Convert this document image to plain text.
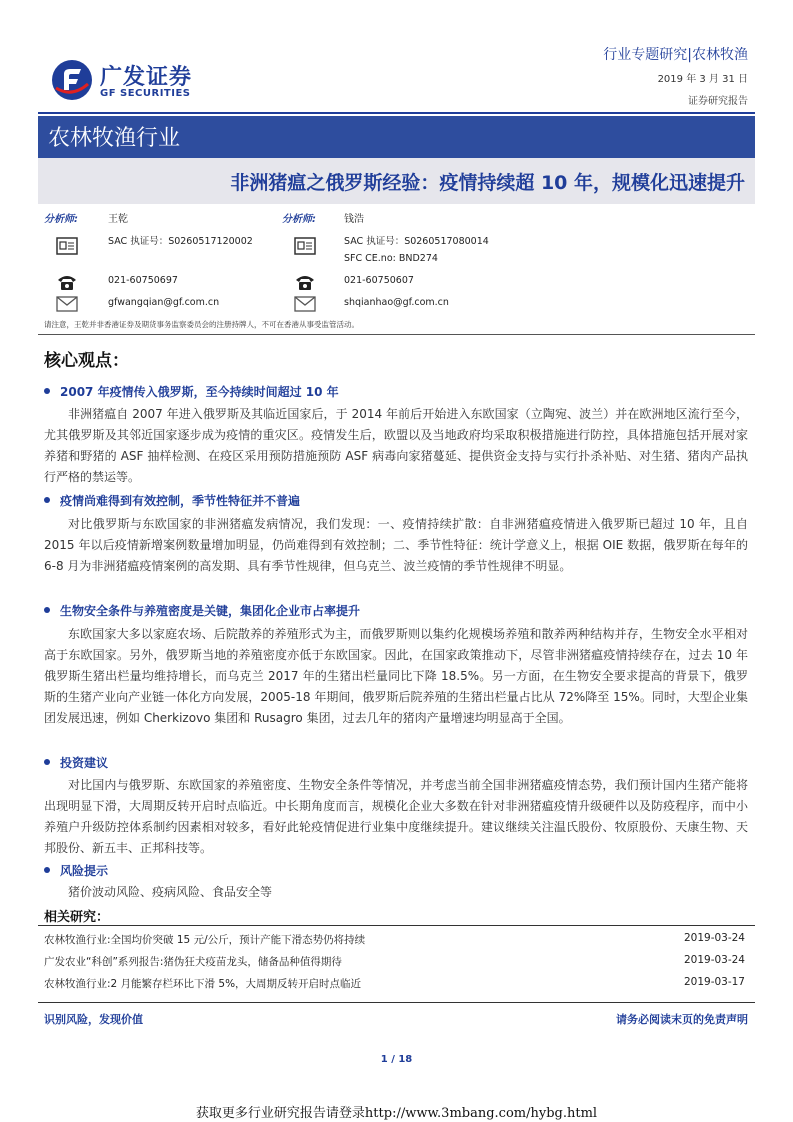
广发证券
GF SECURITIES
行业专题研究|农林牧渔
2019 年 3 月 31 日
证券研究报告
农林牧渔行业
非洲猪瘟之俄罗斯经验：疫情持续超 10 年，规模化迅速提升
分析师:	王乾
SAC 执证号：S0260517120002
021-60750697
gfwangqian@gf.com.cn
分析师:	钱浩
SAC 执证号：S0260517080014
SFC CE.no: BND274
021-60750607
shqianhao@gf.com.cn
请注意，王乾并非香港证券及期货事务监察委员会的注册持牌人，不可在香港从事受监管活动。
核心观点：
2007 年疫情传入俄罗斯，至今持续时间超过 10 年
非洲猪瘟自 2007 年进入俄罗斯及其临近国家后，于 2014 年前后开始进入东欧国家（立陶宛、波兰）并在欧洲地区流行至今，尤其俄罗斯及其邻近国家逐步成为疫情的重灾区。疫情发生后，欧盟以及当地政府均采取积极措施进行防控，具体措施包括开展对家养猪和野猪的 ASF 抽样检测、在疫区采用预防措施预防 ASF 病毒向家猪蔓延、提供资金支持与实行扑杀补贴、对生猪、猪肉产品执行严格的禁运等。
疫情尚难得到有效控制，季节性特征并不普遍
对比俄罗斯与东欧国家的非洲猪瘟发病情况，我们发现：一、疫情持续扩散：自非洲猪瘟疫情进入俄罗斯已超过 10 年，且自 2015 年以后疫情新增案例数量增加明显，仍尚难得到有效控制；二、季节性特征：统计学意义上，根据 OIE 数据，俄罗斯在每年的 6-8 月为非洲猪瘟疫情案例的高发期、具有季节性规律，但乌克兰、波兰疫情的季节性规律不明显。
生物安全条件与养殖密度是关键，集团化企业市占率提升
东欧国家大多以家庭农场、后院散养的养殖形式为主，而俄罗斯则以集约化规模场养殖和散养两种结构并存，生物安全水平相对高于东欧国家。另外，俄罗斯当地的养殖密度亦低于东欧国家。因此，在国家政策推动下，尽管非洲猪瘟疫情持续存在，过去 10 年俄罗斯生猪出栏量均维持增长，而乌克兰 2017 年的生猪出栏量同比下降 18.5%。另一方面，在生物安全要求提高的背景下，俄罗斯的生猪产业向产业链一体化方向发展，2005-18 年期间，俄罗斯后院养殖的生猪出栏量占比从 72%降至 15%。同时，大型企业集团发展迅速，例如 Cherkizovo 集团和 Rusagro 集团，过去几年的猪肉产量增速均明显高于全国。
投资建议
对比国内与俄罗斯、东欧国家的养殖密度、生物安全条件等情况，并考虑当前全国非洲猪瘟疫情态势，我们预计国内生猪产能将出现明显下滑，大周期反转开启时点临近。中长期角度而言，规模化企业大多数在针对非洲猪瘟疫情升级硬件以及防疫程序，而中小养殖户升级防控体系制约因素相对较多，看好此轮疫情促进行业集中度继续提升。建议继续关注温氏股份、牧原股份、天康生物、天邦股份、新五丰、正邦科技等。
风险提示
猪价波动风险、疫病风险、食品安全等
相关研究：
农林牧渔行业:全国均价突破 15 元/公斤，预计产能下滑态势仍将持续	2019-03-24
广发农业“科创”系列报告:猪伪狂犬疫苗龙头，储备品种值得期待	2019-03-24
农林牧渔行业:2 月能繁存栏环比下滑 5%，大周期反转开启时点临近	2019-03-17
识别风险，发现价值	请务必阅读末页的免责声明
1 / 18
获取更多行业研究报告请登录http://www.3mbang.com/hybg.html
